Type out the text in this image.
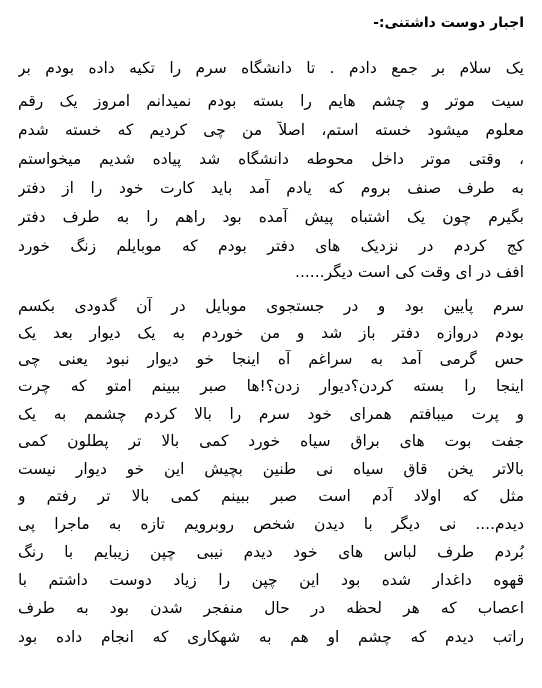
اجبار دوست داشتنی:-
یک سلام بر جمع دادم . تا دانشگاه سرم را تکیه داده بودم بر
سیت موتر و چشم هایم را بسته بودم نمیدانم امروز یک رقم
معلوم میشود خسته استم، اصلاً من چی کردیم که خسته شدم
، وقتی موتر داخل محوطه دانشگاه شد پیاده شدیم میخواستم
به طرف صنف بروم که یادم آمد باید کارت خود را از دفتر
بگیرم چون یک اشتباه پیش آمده بود راهم را به طرف دفتر
کج کردم در نزدیک های دفتر بودم که موبایلم زنگ خورد
افف در ای وقت کی است دیگر......
سرم پایین بود و در جستجوی موبایل در آن گدودی بکسم
بودم دروازه دفتر باز شد و من خوردم به یک دیوار بعد یک
حس گرمی آمد به سراغم آه اینجا خو دیوار نبود یعنی چی
اینجا را بسته کردن؟دیوار زدن؟!ها صبر ببینم امتو که چرت
و پرت میبافتم همرای خود سرم را بالا کردم چشمم به یک
جفت بوت های براق سیاه خورد کمی بالا تر پطلون کمی
بالاتر یخن قاق سیاه نی طنین بچیش این خو دیوار نیست
مثل که اولاد آدم است صبر ببینم کمی بالا تر رفتم و
دیدم.... نی دیگر با دیدن شخص روبرویم تازه به ماجرا پی
بُردم طرف لباس های خود دیدم نیبی چپن زیبایم با رنگ
قهوه داغدار شده بود این چپن را زیاد دوست داشتم با
اعصاب که هر لحظه در حال منفجر شدن بود به طرف
راتب دیدم که چشم او هم به شهکاری که انجام داده بود
